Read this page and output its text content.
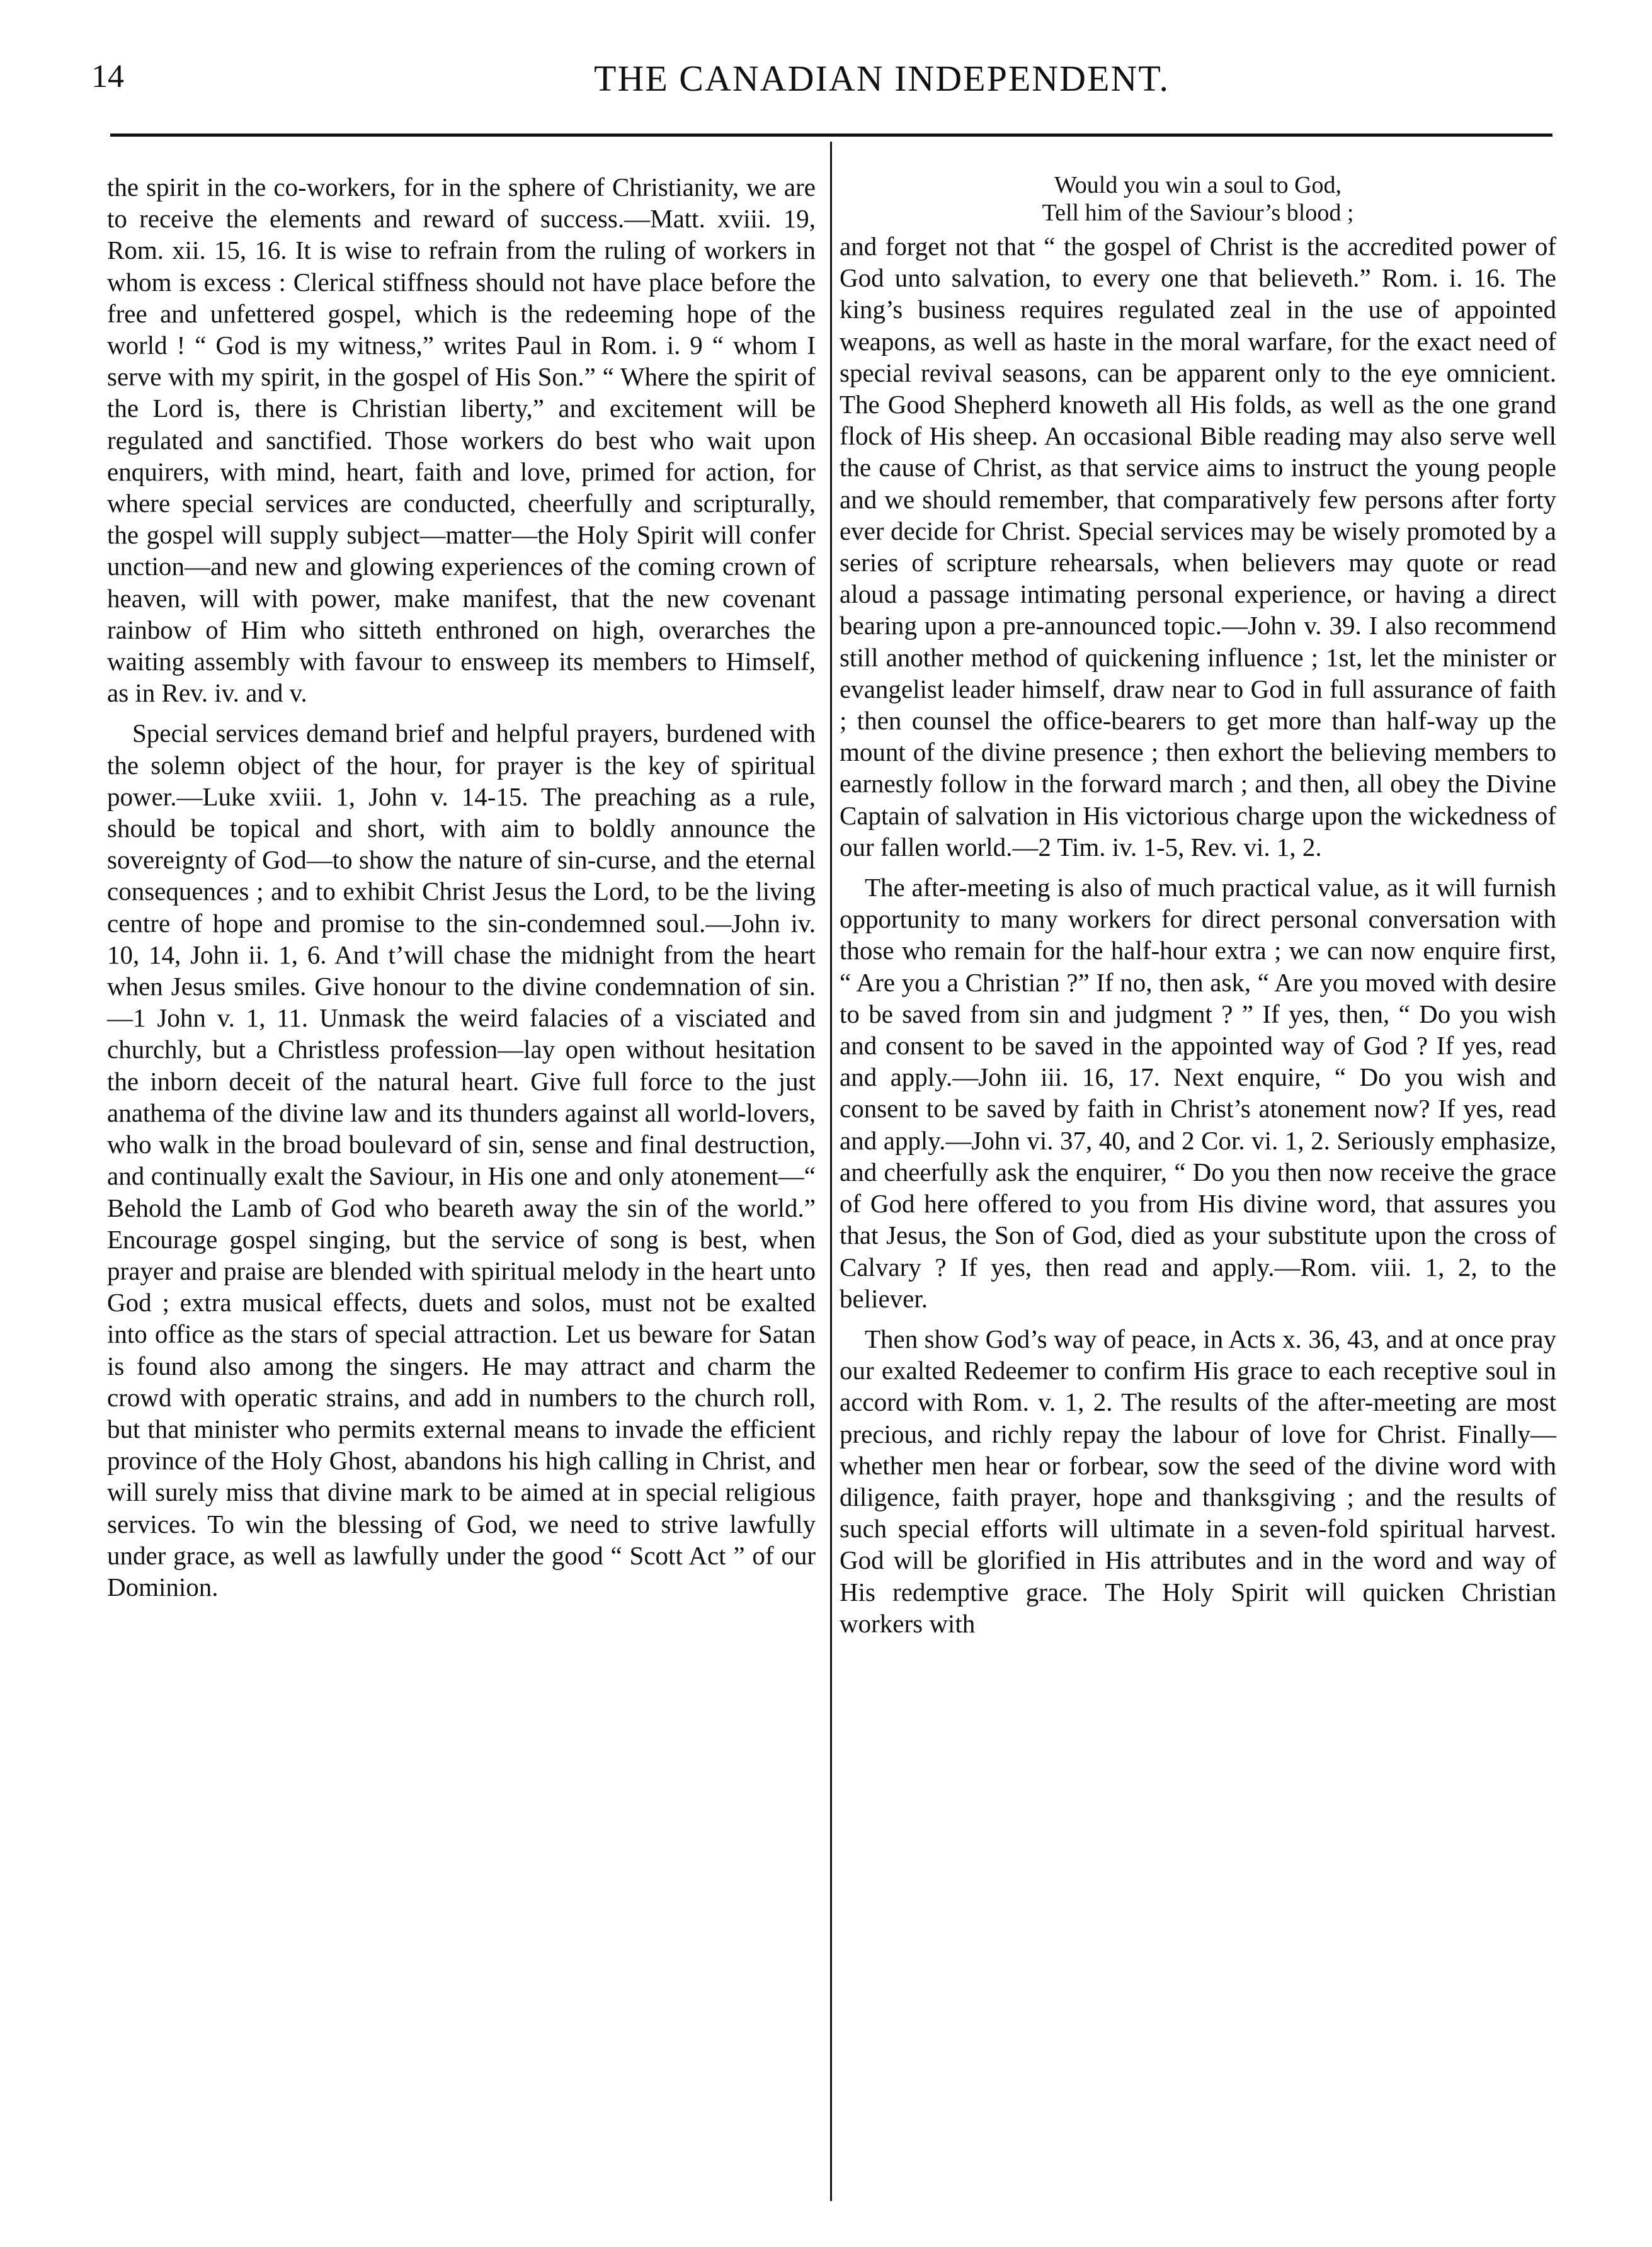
14	THE CANADIAN INDEPENDENT.

the spirit in the co-workers, for in the sphere of Christianity, we are to receive the elements and reward of success.—Matt. xviii. 19, Rom. xii. 15, 16. It is wise to refrain from the ruling of workers in whom is excess : Clerical stiffness should not have place before the free and unfettered gospel, which is the redeeming hope of the world ! “ God is my witness,” writes Paul in Rom. i. 9 “ whom I serve with my spirit, in the gospel of His Son.” “ Where the spirit of the Lord is, there is Christian liberty,” and excitement will be regulated and sanctified. Those workers do best who wait upon enquirers, with mind, heart, faith and love, primed for action, for where special services are conducted, cheerfully and scripturally, the gospel will supply subject—matter—the Holy Spirit will confer unction—and new and glowing experiences of the coming crown of heaven, will with power, make manifest, that the new covenant rainbow of Him who sitteth enthroned on high, overarches the waiting assembly with favour to ensweep its members to Himself, as in Rev. iv. and v.

Special services demand brief and helpful prayers, burdened with the solemn object of the hour, for prayer is the key of spiritual power.—Luke xviii. 1, John v. 14-15. The preaching as a rule, should be topical and short, with aim to boldly announce the sovereignty of God—to show the nature of sin-curse, and the eternal consequences ; and to exhibit Christ Jesus the Lord, to be the living centre of hope and promise to the sin-condemned soul.—John iv. 10, 14, John ii. 1, 6. And t’will chase the midnight from the heart when Jesus smiles. Give honour to the divine condemnation of sin.—1 John v. 1, 11. Unmask the weird falacies of a visciated and churchly, but a Christless profession—lay open without hesitation the inborn deceit of the natural heart. Give full force to the just anathema of the divine law and its thunders against all world-lovers, who walk in the broad boulevard of sin, sense and final destruction, and continually exalt the Saviour, in His one and only atonement—“ Behold the Lamb of God who beareth away the sin of the world.” Encourage gospel singing, but the service of song is best, when prayer and praise are blended with spiritual melody in the heart unto God ; extra musical effects, duets and solos, must not be exalted into office as the stars of special attraction. Let us beware for Satan is found also among the singers. He may attract and charm the crowd with operatic strains, and add in numbers to the church roll, but that minister who permits external means to invade the efficient province of the Holy Ghost, abandons his high calling in Christ, and will surely miss that divine mark to be aimed at in special religious services. To win the blessing of God, we need to strive lawfully under grace, as well as lawfully under the good “ Scott Act ” of our Dominion.

Would you win a soul to God,
Tell him of the Saviour’s blood ;

and forget not that “ the gospel of Christ is the accredited power of God unto salvation, to every one that believeth.” Rom. i. 16. The king’s business requires regulated zeal in the use of appointed weapons, as well as haste in the moral warfare, for the exact need of special revival seasons, can be apparent only to the eye omnicient. The Good Shepherd knoweth all His folds, as well as the one grand flock of His sheep. An occasional Bible reading may also serve well the cause of Christ, as that service aims to instruct the young people and we should remember, that comparatively few persons after forty ever decide for Christ. Special services may be wisely promoted by a series of scripture rehearsals, when believers may quote or read aloud a passage intimating personal experience, or having a direct bearing upon a pre-announced topic.—John v. 39. I also recommend still another method of quickening influence ; 1st, let the minister or evangelist leader himself, draw near to God in full assurance of faith ; then counsel the office-bearers to get more than half-way up the mount of the divine presence ; then exhort the believing members to earnestly follow in the forward march ; and then, all obey the Divine Captain of salvation in His victorious charge upon the wickedness of our fallen world.—2 Tim. iv. 1-5, Rev. vi. 1, 2.

The after-meeting is also of much practical value, as it will furnish opportunity to many workers for direct personal conversation with those who remain for the half-hour extra ; we can now enquire first, “ Are you a Christian ?” If no, then ask, “ Are you moved with desire to be saved from sin and judgment ? ” If yes, then, “ Do you wish and consent to be saved in the appointed way of God ? If yes, read and apply.—John iii. 16, 17. Next enquire, “ Do you wish and consent to be saved by faith in Christ’s atonement now? If yes, read and apply.—John vi. 37, 40, and 2 Cor. vi. 1, 2. Seriously emphasize, and cheerfully ask the enquirer, “ Do you then now receive the grace of God here offered to you from His divine word, that assures you that Jesus, the Son of God, died as your substitute upon the cross of Calvary ? If yes, then read and apply.—Rom. viii. 1, 2, to the believer.

Then show God’s way of peace, in Acts x. 36, 43, and at once pray our exalted Redeemer to confirm His grace to each receptive soul in accord with Rom. v. 1, 2. The results of the after-meeting are most precious, and richly repay the labour of love for Christ. Finally—whether men hear or forbear, sow the seed of the divine word with diligence, faith prayer, hope and thanksgiving ; and the results of such special efforts will ultimate in a seven-fold spiritual harvest. God will be glorified in His attributes and in the word and way of His redemptive grace. The Holy Spirit will quicken Christian workers with
